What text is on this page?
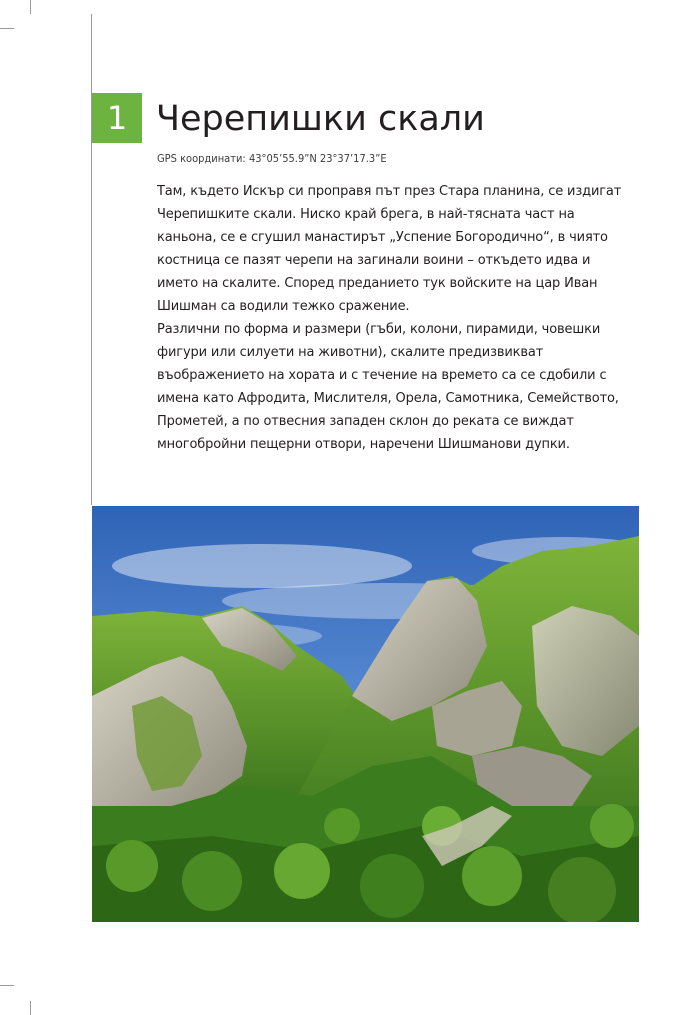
1 Черепишки скали
GPS координати: 43°05’55.9”N 23°37’17.3”E

Там, където Искър си проправя път през Стара планина, се издигат Черепишките скали. Ниско край брега, в най-тясната част на каньона, се е сгушил манастирът „Успение Богородично“, в чиято костница се пазят черепи на загинали воини – откъдето идва и името на скалите. Според преданието тук войските на цар Иван Шишман са водили тежко сражение.

Различни по форма и размери (гъби, колони, пирамиди, човешки фигури или силуети на животни), скалите предизвикват въображението на хората и с течение на времето са се сдобили с имена като Афродита, Мислителя, Орела, Самотника, Семейството, Прометей, а по отвесния западен склон до реката се виждат многобройни пещерни отвори, наречени Шишманови дупки.
